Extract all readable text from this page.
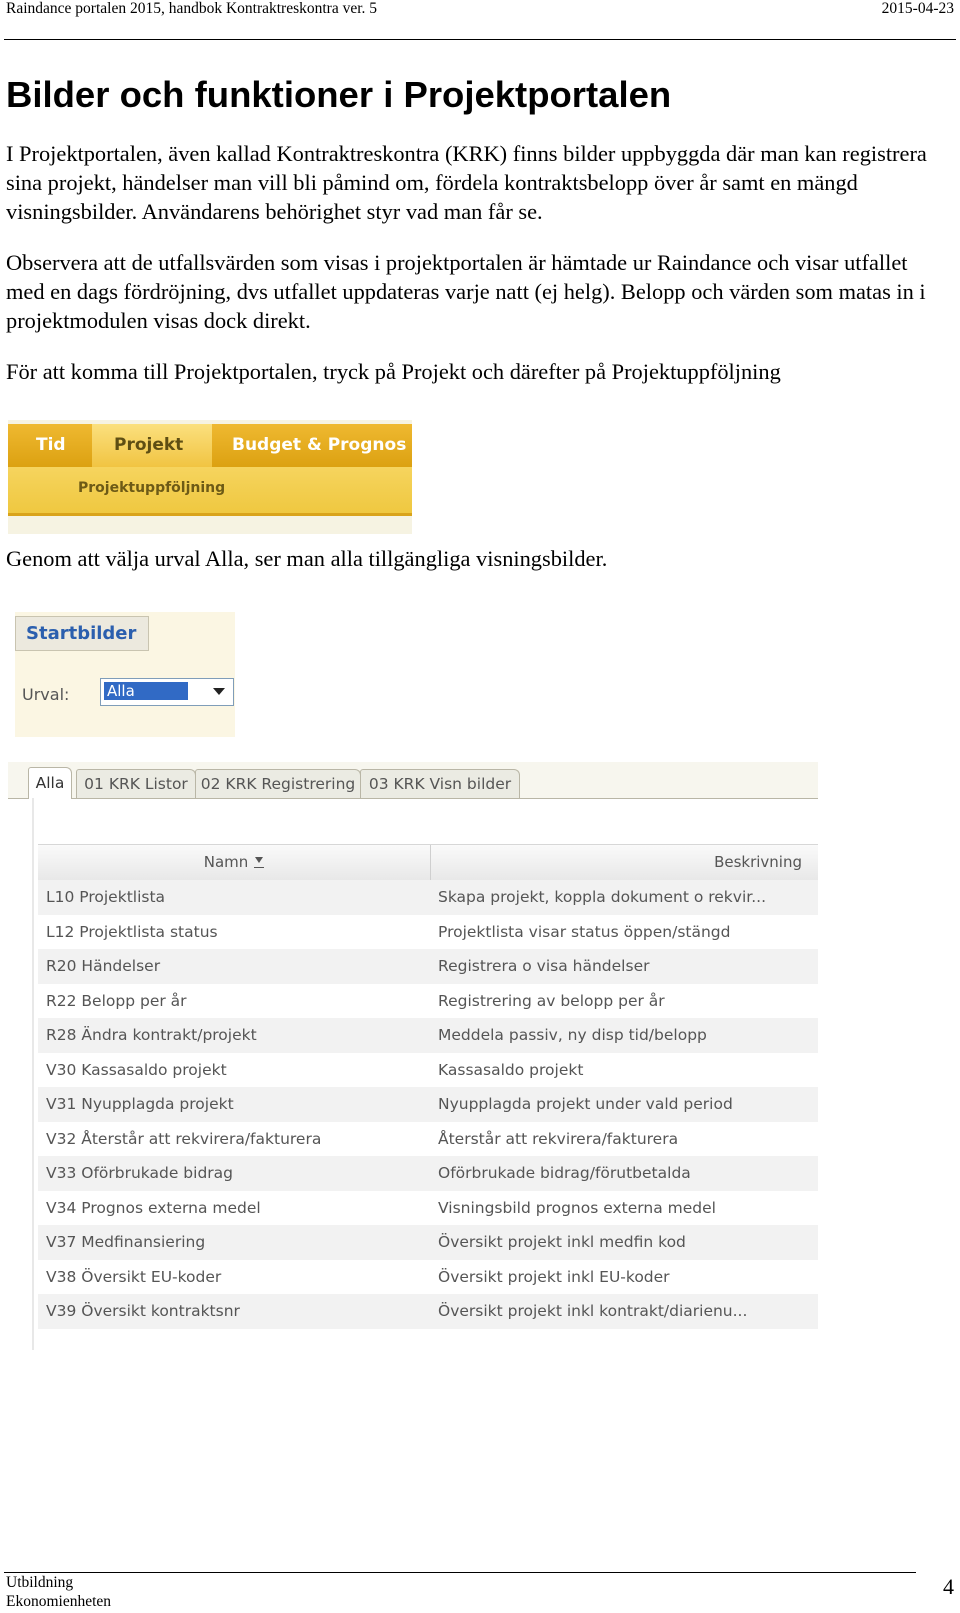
Raindance portalen 2015, handbok Kontraktreskontra ver. 5	2015-04-23
Bilder och funktioner i Projektportalen

I Projektportalen, även kallad Kontraktreskontra (KRK) finns bilder uppbyggda där man kan registrera sina projekt, händelser man vill bli påmind om, fördela kontraktsbelopp över år samt en mängd visningsbilder. Användarens behörighet styr vad man får se.

Observera att de utfallsvärden som visas i projektportalen är hämtade ur Raindance och visar utfallet med en dags fördröjning, dvs utfallet uppdateras varje natt (ej helg). Belopp och värden som matas in i projektmodulen visas dock direkt.

För att komma till Projektportalen, tryck på Projekt och därefter på Projektuppföljning

Tid	Projekt	Budget & Prognos
Projektuppföljning

Genom att välja urval Alla, ser man alla tillgängliga visningsbilder.

Startbilder
Urval:	Alla
Alla	01 KRK Listor 02 KRK Registrering 03 KRK Visn bilder
Namn	Beskrivning
L10 Projektlista	Skapa projekt, koppla dokument o rekvir...
L12 Projektlista status	Projektlista visar status öppen/stängd
R20 Händelser	Registrera o visa händelser
R22 Belopp per år	Registrering av belopp per år
R28 Ändra kontrakt/projekt	Meddela passiv, ny disp tid/belopp
V30 Kassasaldo projekt	Kassasaldo projekt
V31 Nyupplagda projekt	Nyupplagda projekt under vald period
V32 Återstår att rekvirera/fakturera	Återstår att rekvirera/fakturera
V33 Oförbrukade bidrag	Oförbrukade bidrag/förutbetalda
V34 Prognos externa medel	Visningsbild prognos externa medel
V37 Medfinansiering	Översikt projekt inkl medfin kod
V38 Översikt EU-koder	Översikt projekt inkl EU-koder
V39 Översikt kontraktsnr	Översikt projekt inkl kontrakt/diarienu...
Utbildning
Ekonomienheten
4
